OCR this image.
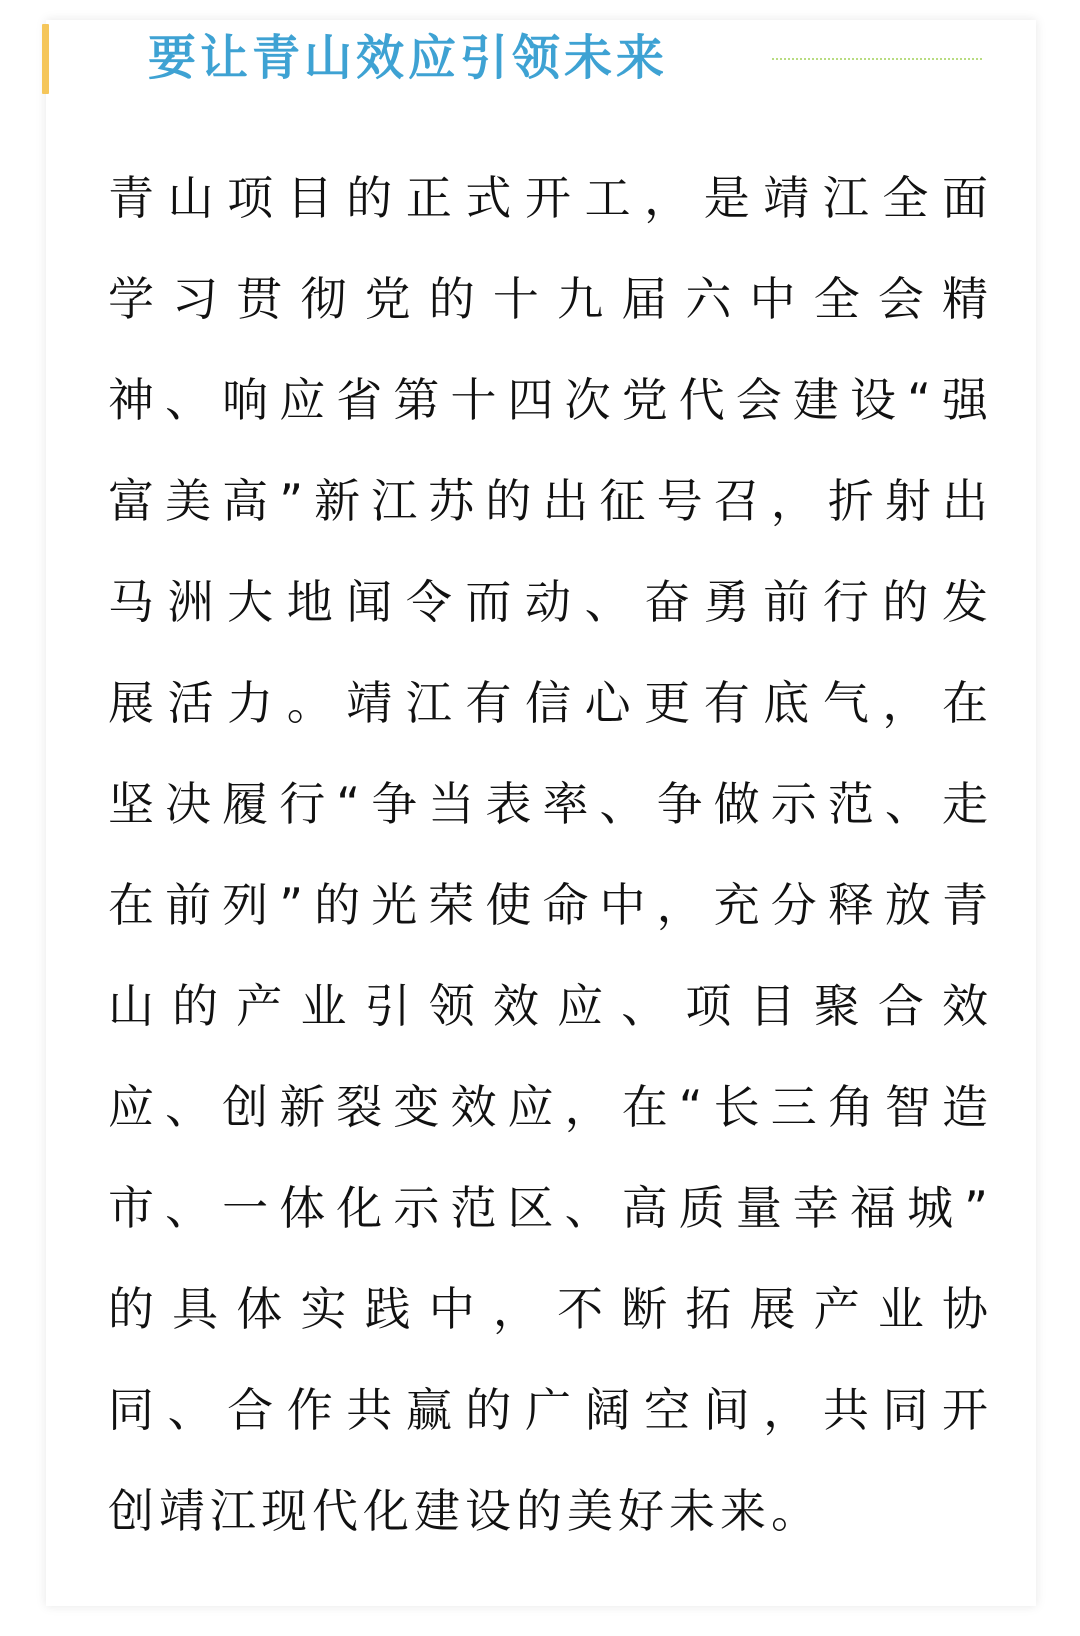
要让青山效应引领未来
青山项目的正式开工，是靖江全面
学习贯彻党的十九届六中全会精
神、响应省第十四次党代会建设“强
富美高”新江苏的出征号召，折射出
马洲大地闻令而动、奋勇前行的发
展活力。靖江有信心更有底气，在
坚决履行“争当表率、争做示范、走
在前列”的光荣使命中，充分释放青
山的产业引领效应、项目聚合效
应、创新裂变效应，在“长三角智造
市、一体化示范区、高质量幸福城”
的具体实践中，不断拓展产业协
同、合作共赢的广阔空间，共同开
创靖江现代化建设的美好未来。
